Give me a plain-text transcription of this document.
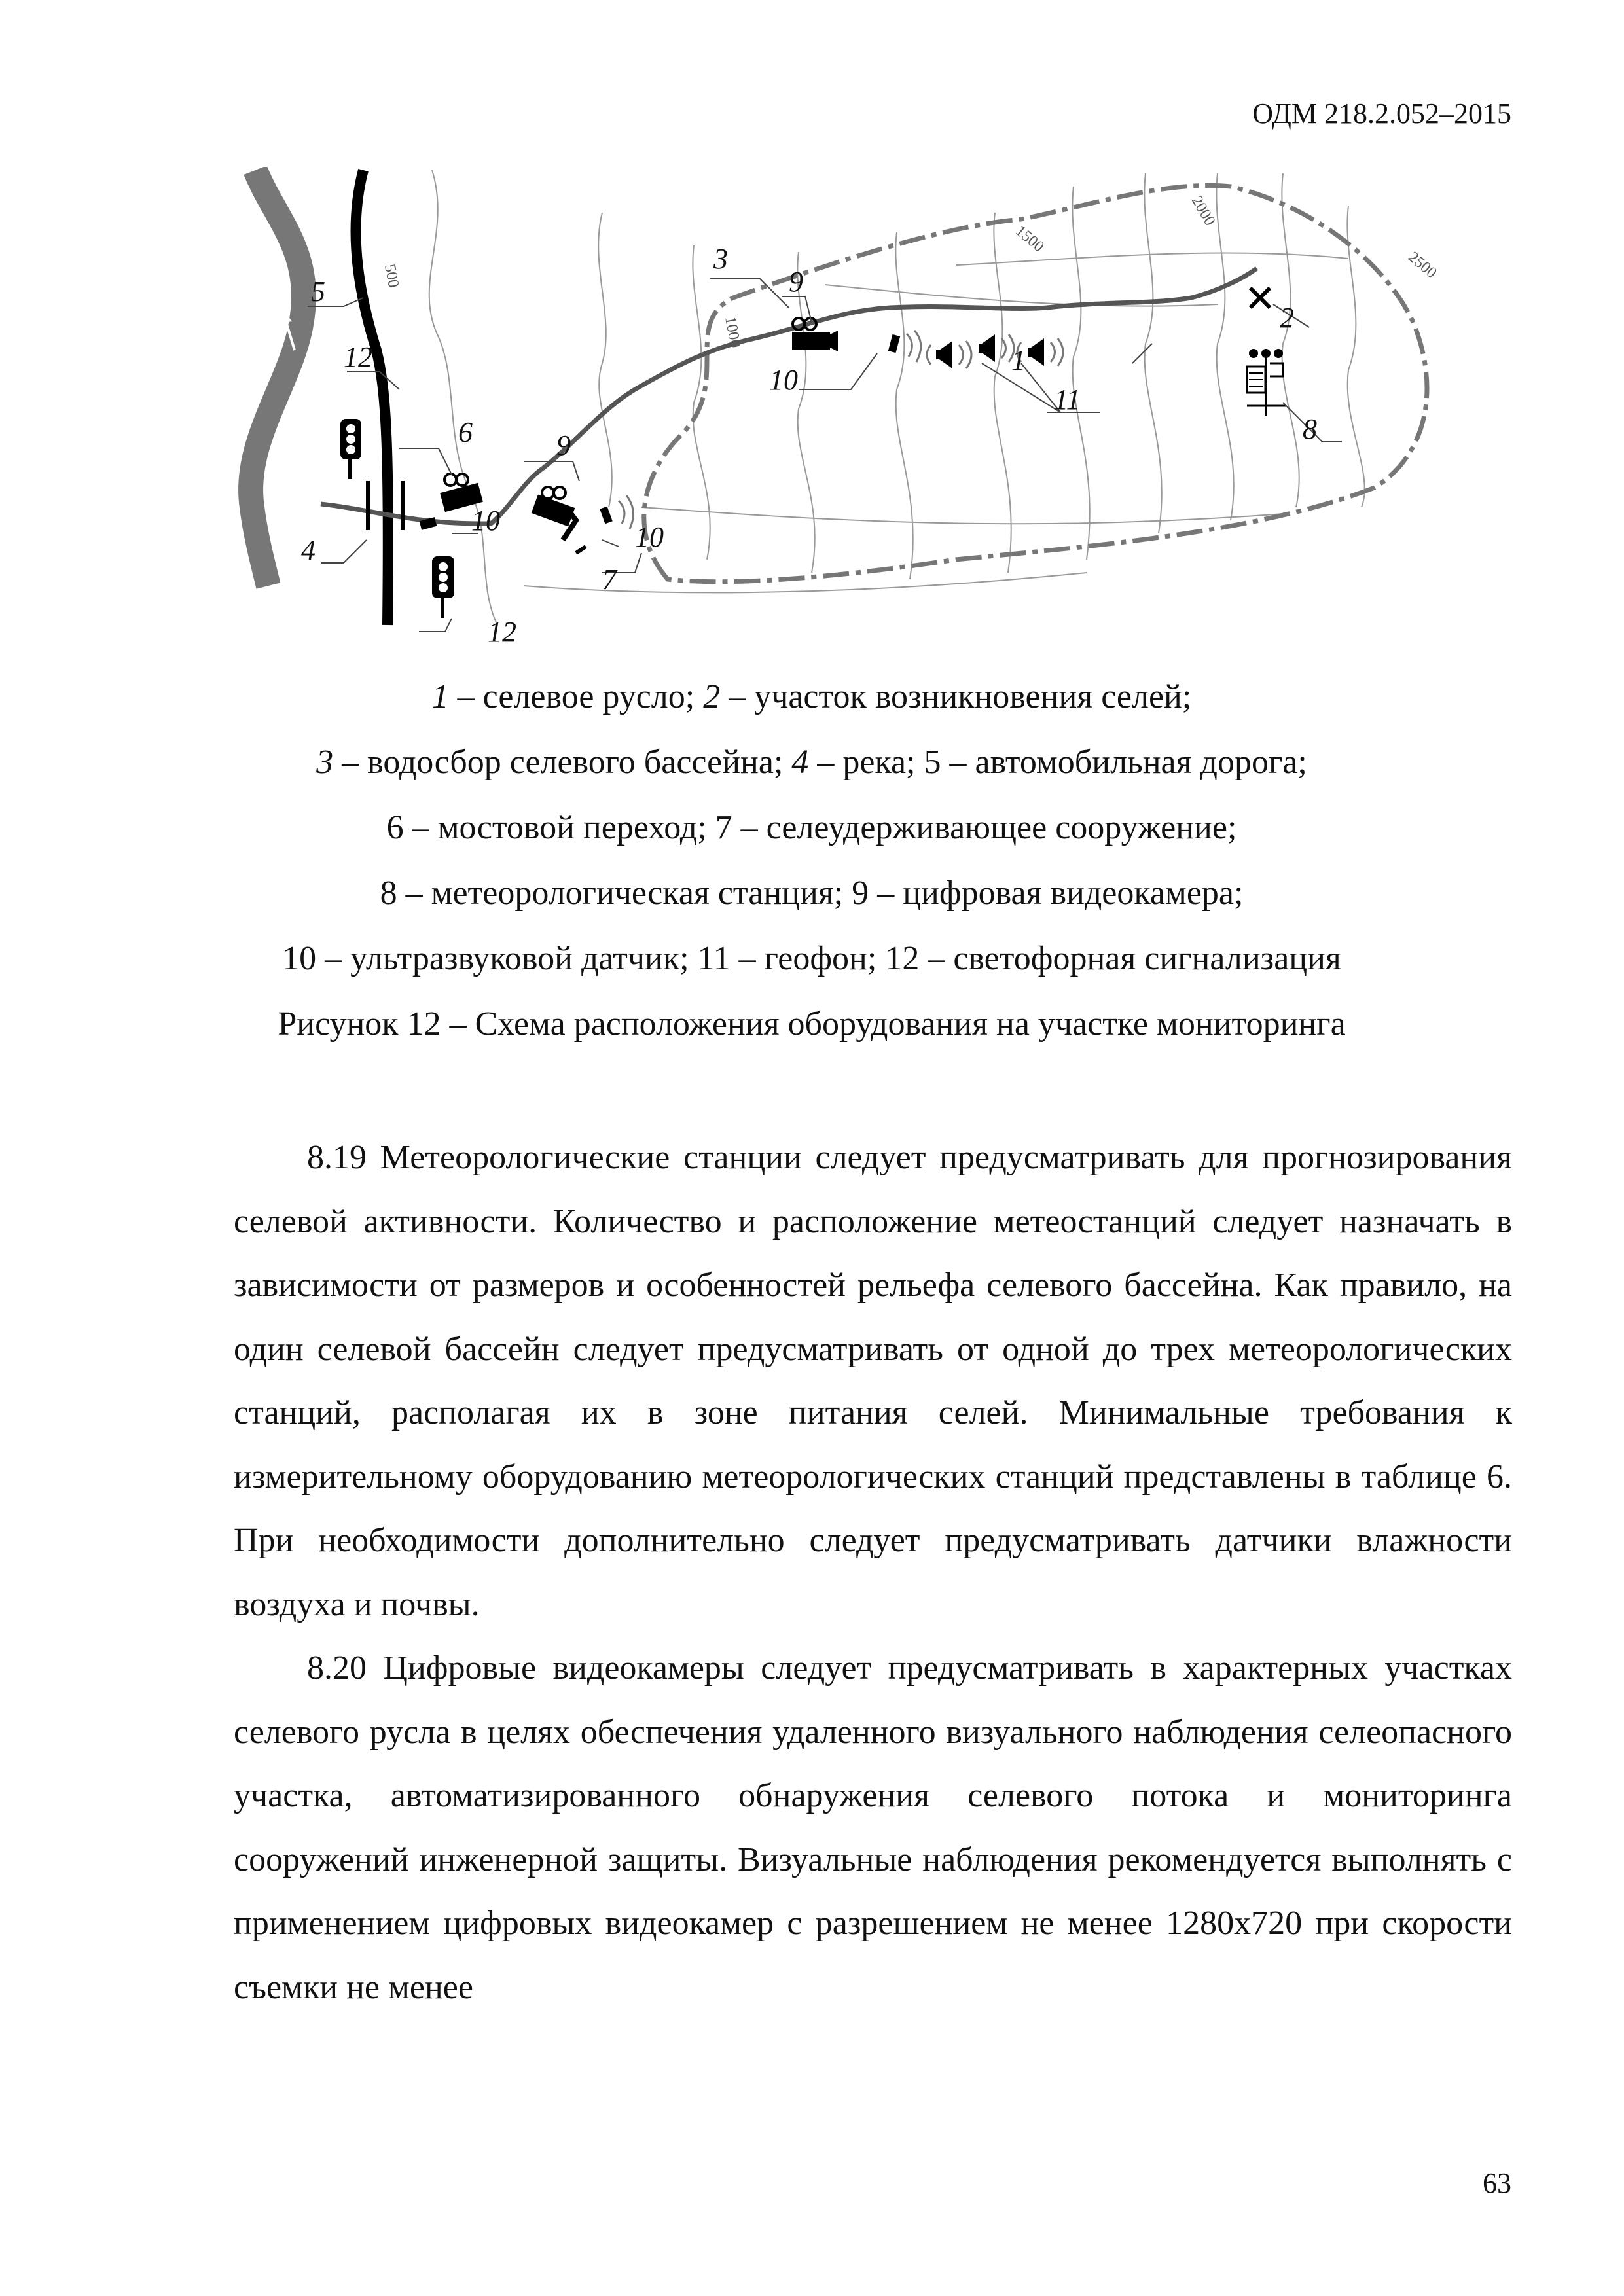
ОДМ 218.2.052–2015
5
12
4
6	9
10
10
7
12
3
9
10
1
11
2
8
500
1000
1500
2000
2500

1 – селевое русло; 2 – участок возникновения селей;

3 – водосбор селевого бассейна; 4 – река; 5 – автомобильная дорога;

6 – мостовой переход; 7 – селеудерживающее сооружение;

8 – метеорологическая станция; 9 – цифровая видеокамера;

10 – ультразвуковой датчик; 11 – геофон; 12 – светофорная сигнализация

Рисунок 12 – Схема расположения оборудования на участке мониторинга

8.19 Метеорологические станции следует предусматривать для прогнозирования селевой активности. Количество и расположение метеостанций следует назначать в зависимости от размеров и особенностей рельефа селевого бассейна. Как правило, на один селевой бассейн следует предусматривать от одной до трех метеорологических станций, располагая их в зоне питания селей. Минимальные требования к измерительному оборудованию метеорологических станций представлены в таблице 6. При необходимости дополнительно следует предусматривать датчики влажности воздуха и почвы.

8.20 Цифровые видеокамеры следует предусматривать в характерных участках селевого русла в целях обеспечения удаленного визуального наблюдения селеопасного участка, автоматизированного обнаружения селевого потока и мониторинга сооружений инженерной защиты. Визуальные наблюдения рекомендуется выполнять с применением цифровых видеокамер с разрешением не менее 1280х720 при скорости съемки не менее

63
